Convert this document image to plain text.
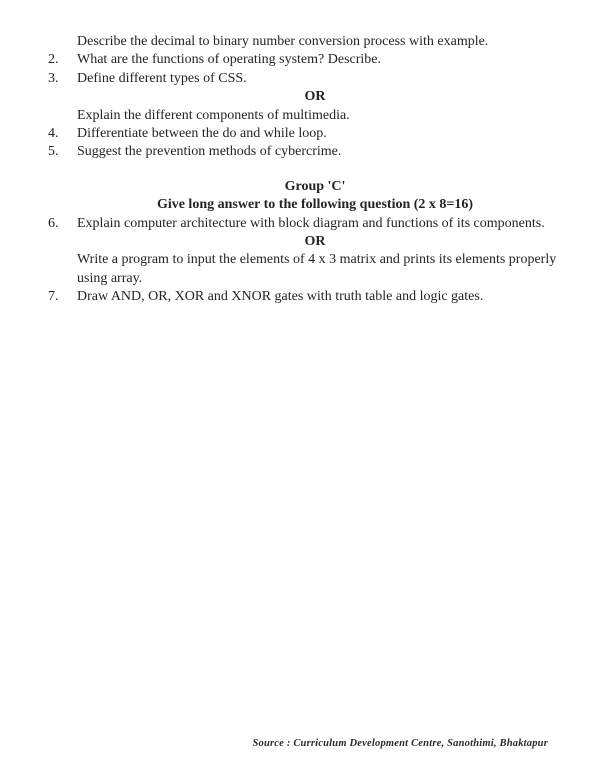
Describe the decimal to binary number conversion process with example.
2.	What are the functions of operating system? Describe.
3.	Define different types of CSS.
OR
Explain the different components of multimedia.
4.	Differentiate between the do and while loop.
5.	Suggest the prevention methods of cybercrime.
Group 'C'
Give long answer to the following question (2 x 8=16)
6.	Explain computer architecture with block diagram and functions of its components.
OR
Write a program to input the elements of 4 x 3 matrix and prints its elements properly using array.
7.	Draw AND, OR, XOR and XNOR gates with truth table and logic gates.
Source : Curriculum Development Centre, Sanothimi, Bhaktapur
